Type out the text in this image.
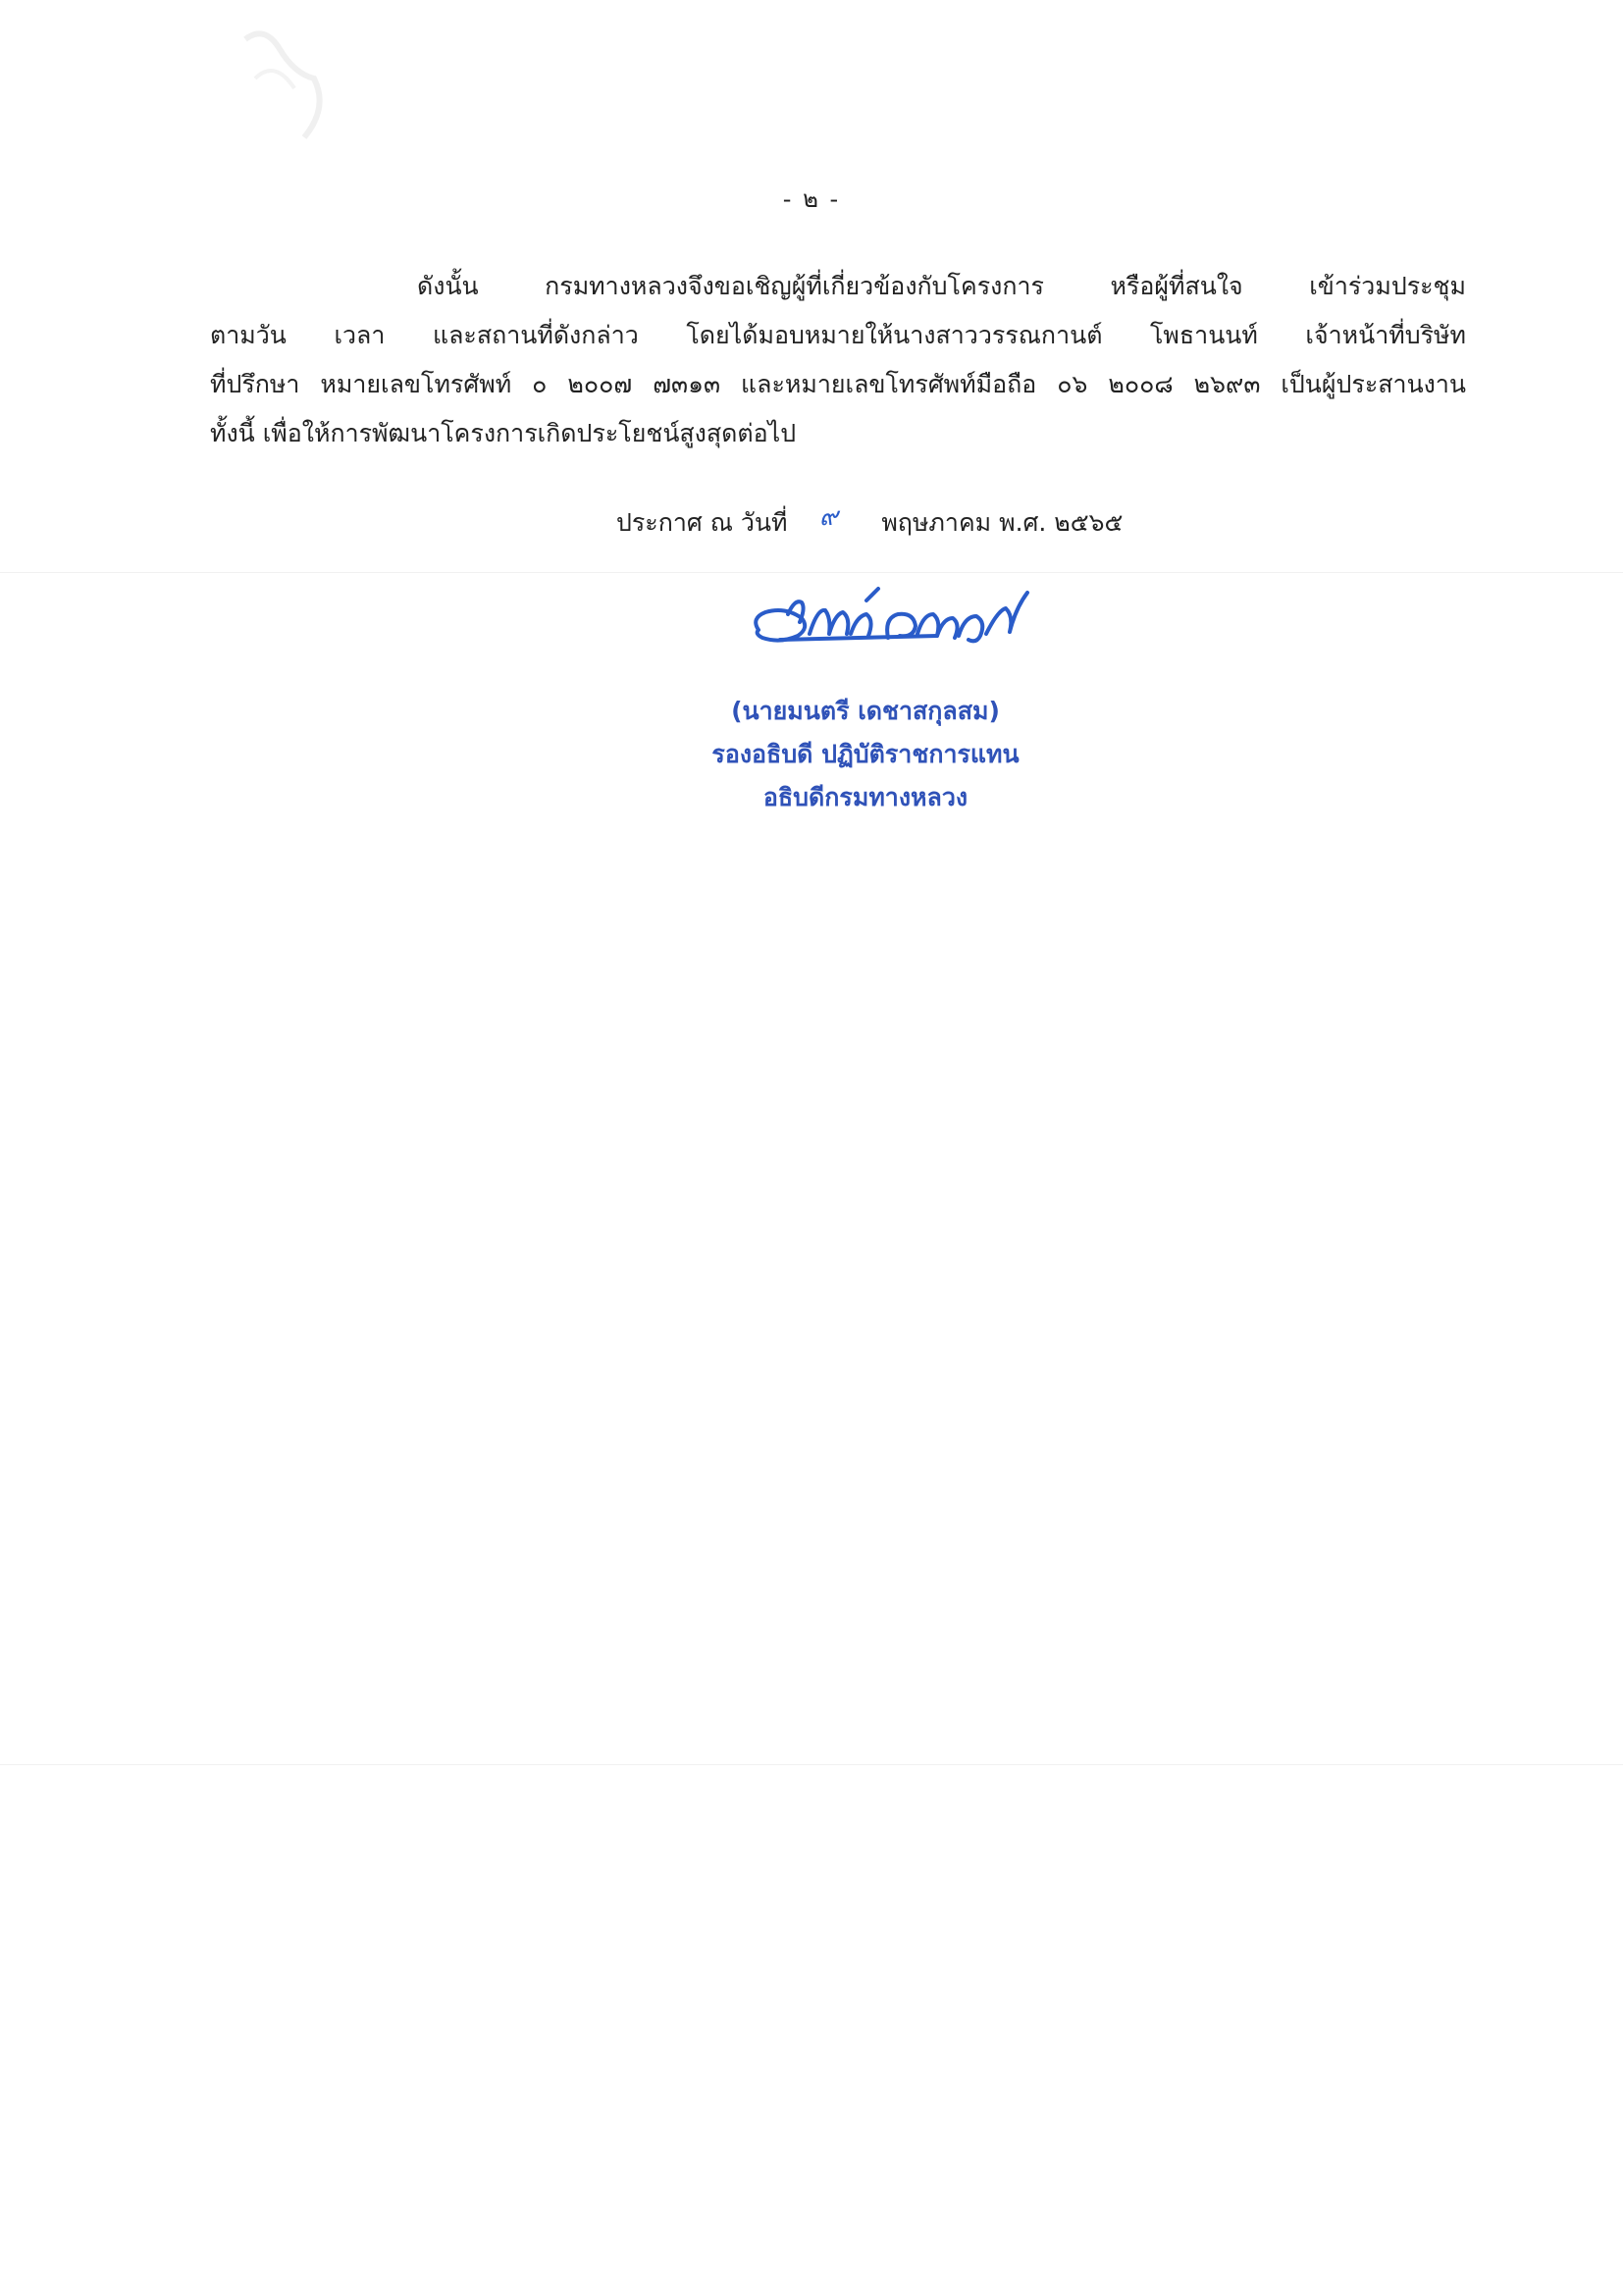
- ๒ -
ดังนั้น กรมทางหลวงจึงขอเชิญผู้ที่เกี่ยวข้องกับโครงการ หรือผู้ที่สนใจ เข้าร่วมประชุม
ตามวัน เวลา และสถานที่ดังกล่าว โดยได้มอบหมายให้นางสาววรรณกานต์ โพธานนท์ เจ้าหน้าที่บริษัท
ที่ปรึกษา หมายเลขโทรศัพท์ ๐ ๒๐๐๗ ๗๓๑๓ และหมายเลขโทรศัพท์มือถือ ๐๖ ๒๐๐๘ ๒๖๙๓ เป็นผู้ประสานงาน
ทั้งนี้ เพื่อให้การพัฒนาโครงการเกิดประโยชน์สูงสุดต่อไป
ประกาศ ณ วันที่ ๙ พฤษภาคม พ.ศ. ๒๕๖๕
(นายมนตรี เดชาสกุลสม)
รองอธิบดี ปฏิบัติราชการแทน
อธิบดีกรมทางหลวง
